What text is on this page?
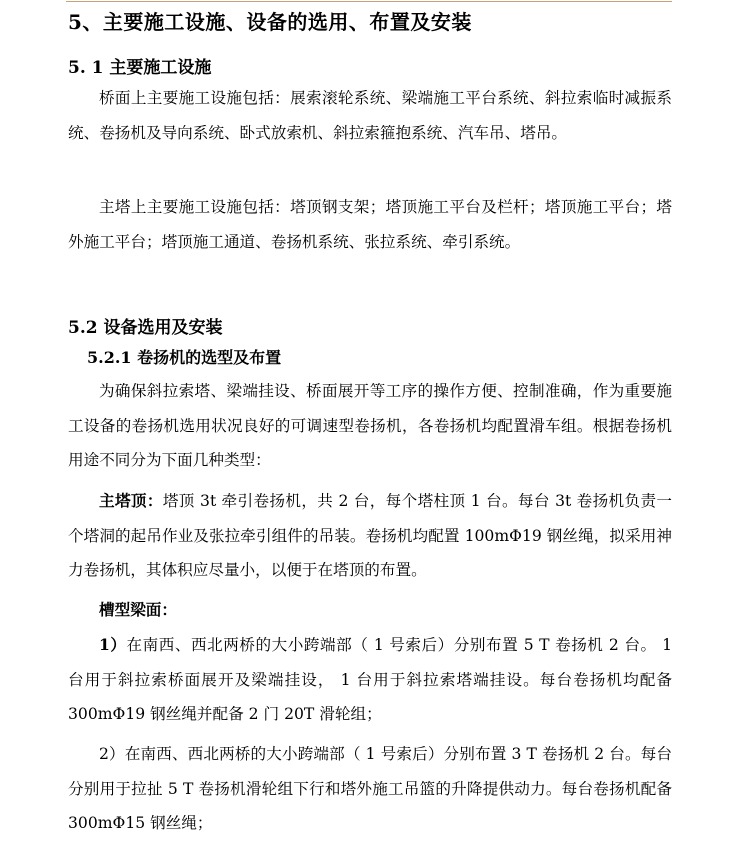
5、主要施工设施、设备的选用、布置及安装
5. 1 主要施工设施

桥面上主要施工设施包括：展索滚轮系统、梁端施工平台系统、斜拉索临时减振系统、卷扬机及导向系统、卧式放索机、斜拉索箍抱系统、汽车吊、塔吊。

主塔上主要施工设施包括：塔顶钢支架；塔顶施工平台及栏杆；塔顶施工平台；塔外施工平台；塔顶施工通道、卷扬机系统、张拉系统、牵引系统。

5.2 设备选用及安装
5.2.1 卷扬机的选型及布置

为确保斜拉索塔、梁端挂设、桥面展开等工序的操作方便、控制准确，作为重要施工设备的卷扬机选用状况良好的可调速型卷扬机，各卷扬机均配置滑车组。根据卷扬机用途不同分为下面几种类型：

主塔顶：塔顶 3t 牵引卷扬机，共 2 台，每个塔柱顶 1 台。每台 3t 卷扬机负责一个塔洞的起吊作业及张拉牵引组件的吊装。卷扬机均配置 100mΦ19 钢丝绳，拟采用神力卷扬机，其体积应尽量小，以便于在塔顶的布置。

槽型梁面：

1）在南西、西北两桥的大小跨端部（ 1 号索后）分别布置 5 T 卷扬机 2 台。 1 台用于斜拉索桥面展开及梁端挂设， 1 台用于斜拉索塔端挂设。每台卷扬机均配备 300mΦ19 钢丝绳并配备 2 门 20T 滑轮组；

2）在南西、西北两桥的大小跨端部（ 1 号索后）分别布置 3 T 卷扬机 2 台。每台分别用于拉扯 5 T 卷扬机滑轮组下行和塔外施工吊篮的升降提供动力。每台卷扬机配备 300mΦ15 钢丝绳；
